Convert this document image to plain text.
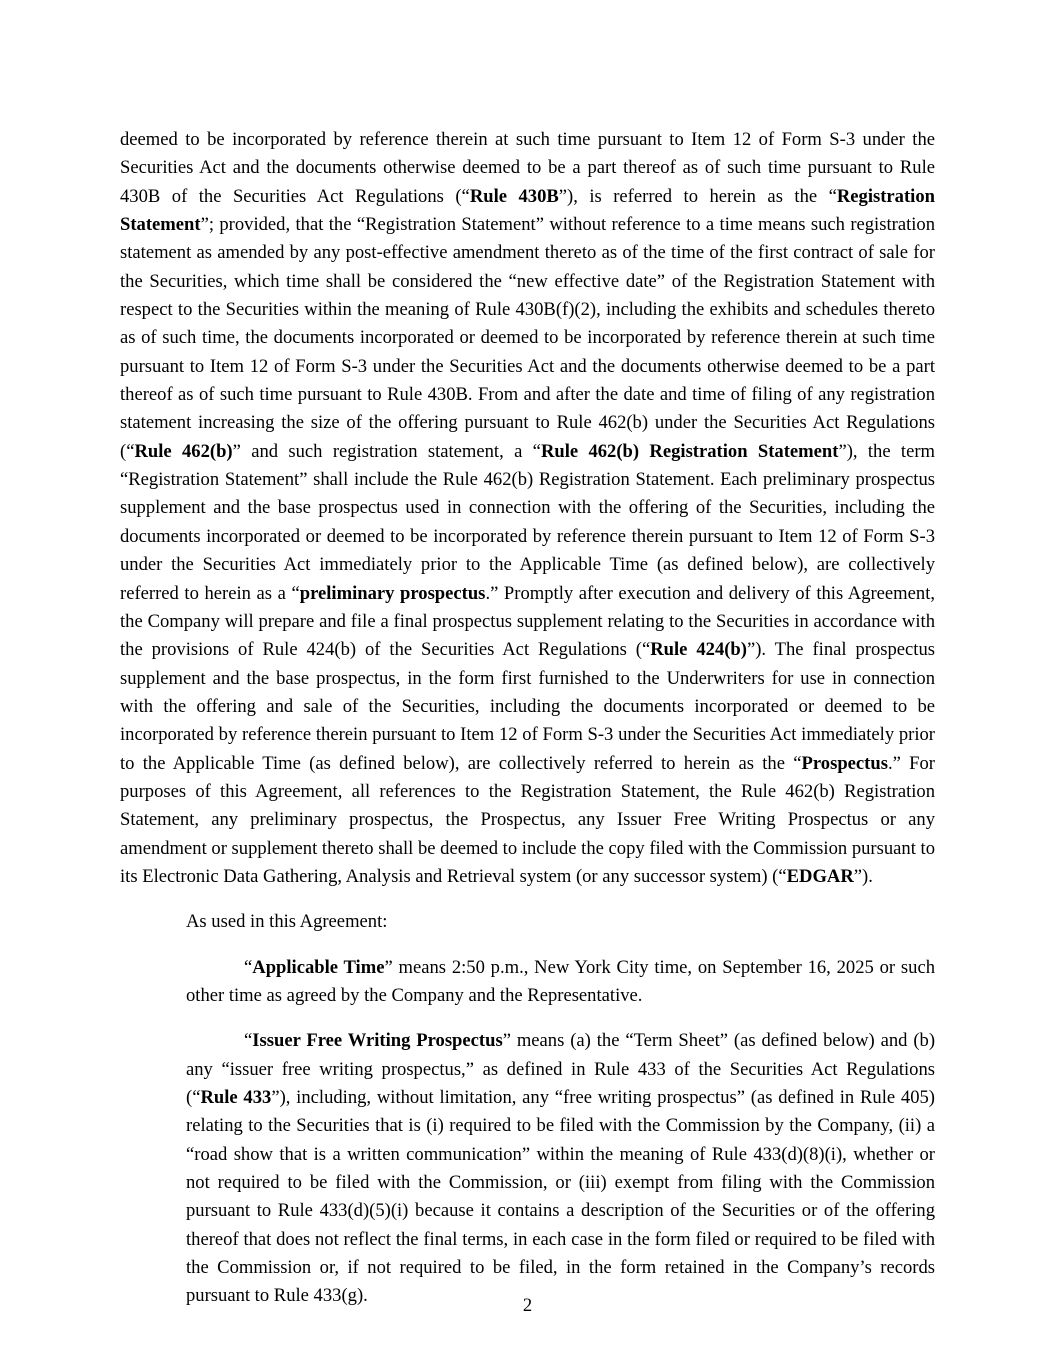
deemed to be incorporated by reference therein at such time pursuant to Item 12 of Form S-3 under the Securities Act and the documents otherwise deemed to be a part thereof as of such time pursuant to Rule 430B of the Securities Act Regulations (“Rule 430B”), is referred to herein as the “Registration Statement”; provided, that the “Registration Statement” without reference to a time means such registration statement as amended by any post-effective amendment thereto as of the time of the first contract of sale for the Securities, which time shall be considered the “new effective date” of the Registration Statement with respect to the Securities within the meaning of Rule 430B(f)(2), including the exhibits and schedules thereto as of such time, the documents incorporated or deemed to be incorporated by reference therein at such time pursuant to Item 12 of Form S-3 under the Securities Act and the documents otherwise deemed to be a part thereof as of such time pursuant to Rule 430B. From and after the date and time of filing of any registration statement increasing the size of the offering pursuant to Rule 462(b) under the Securities Act Regulations (“Rule 462(b)” and such registration statement, a “Rule 462(b) Registration Statement”), the term “Registration Statement” shall include the Rule 462(b) Registration Statement. Each preliminary prospectus supplement and the base prospectus used in connection with the offering of the Securities, including the documents incorporated or deemed to be incorporated by reference therein pursuant to Item 12 of Form S-3 under the Securities Act immediately prior to the Applicable Time (as defined below), are collectively referred to herein as a “preliminary prospectus.” Promptly after execution and delivery of this Agreement, the Company will prepare and file a final prospectus supplement relating to the Securities in accordance with the provisions of Rule 424(b) of the Securities Act Regulations (“Rule 424(b)”). The final prospectus supplement and the base prospectus, in the form first furnished to the Underwriters for use in connection with the offering and sale of the Securities, including the documents incorporated or deemed to be incorporated by reference therein pursuant to Item 12 of Form S-3 under the Securities Act immediately prior to the Applicable Time (as defined below), are collectively referred to herein as the “Prospectus.” For purposes of this Agreement, all references to the Registration Statement, the Rule 462(b) Registration Statement, any preliminary prospectus, the Prospectus, any Issuer Free Writing Prospectus or any amendment or supplement thereto shall be deemed to include the copy filed with the Commission pursuant to its Electronic Data Gathering, Analysis and Retrieval system (or any successor system) (“EDGAR”).

As used in this Agreement:

“Applicable Time” means 2:50 p.m., New York City time, on September 16, 2025 or such other time as agreed by the Company and the Representative.

“Issuer Free Writing Prospectus” means (a) the “Term Sheet” (as defined below) and (b) any “issuer free writing prospectus,” as defined in Rule 433 of the Securities Act Regulations (“Rule 433”), including, without limitation, any “free writing prospectus” (as defined in Rule 405) relating to the Securities that is (i) required to be filed with the Commission by the Company, (ii) a “road show that is a written communication” within the meaning of Rule 433(d)(8)(i), whether or not required to be filed with the Commission, or (iii) exempt from filing with the Commission pursuant to Rule 433(d)(5)(i) because it contains a description of the Securities or of the offering thereof that does not reflect the final terms, in each case in the form filed or required to be filed with the Commission or, if not required to be filed, in the form retained in the Company’s records pursuant to Rule 433(g).	2
